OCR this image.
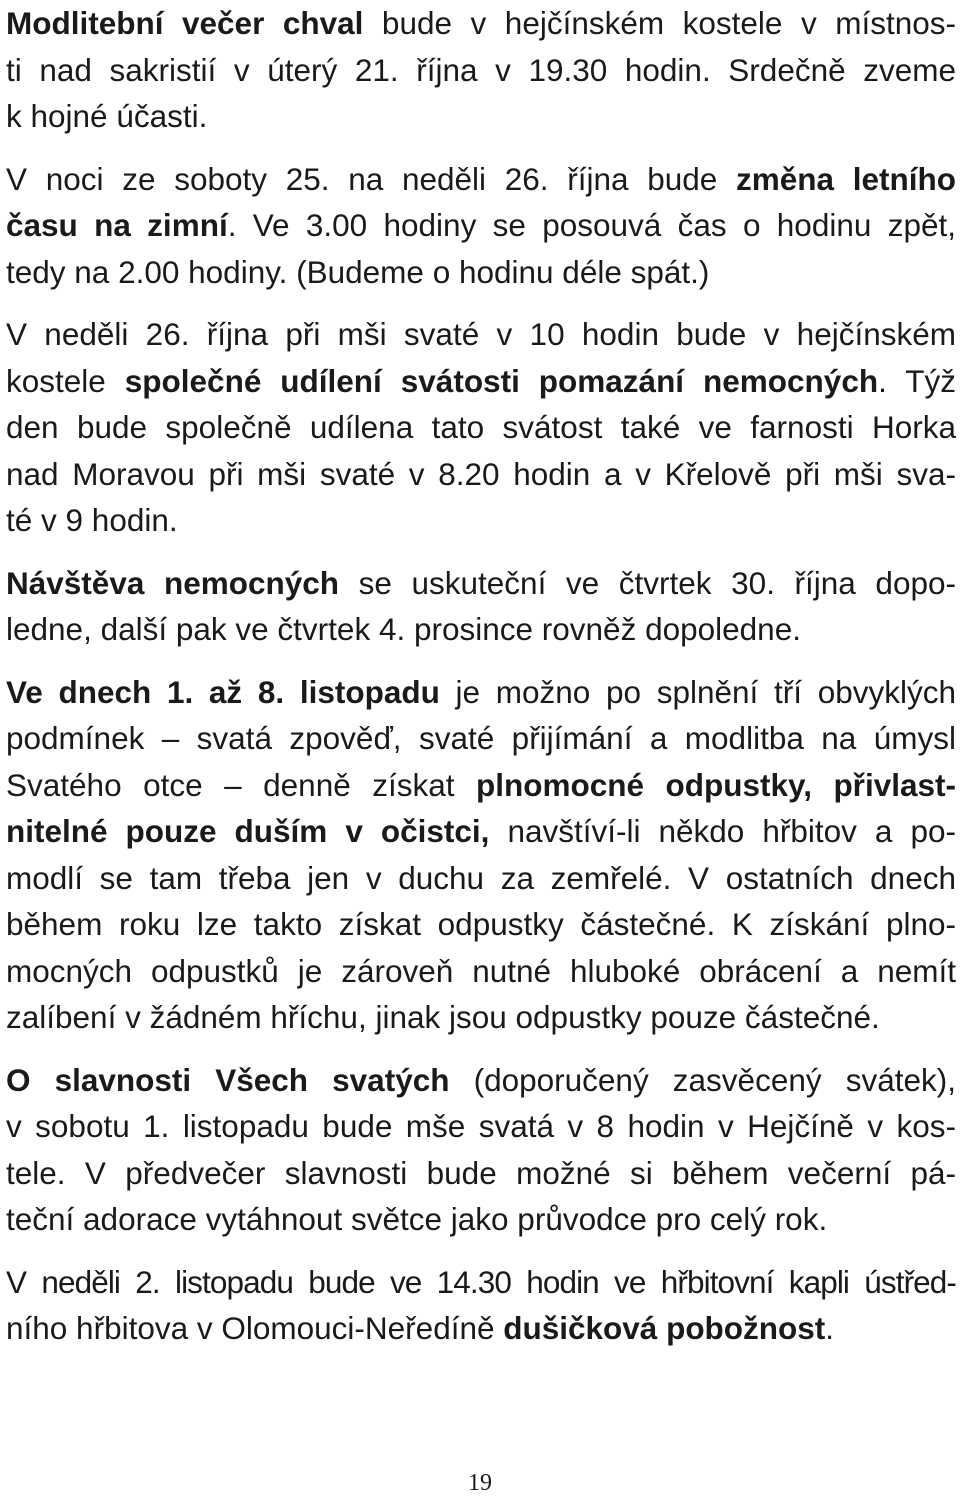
Modlitební večer chval bude v hejčínském kostele v místnos-
ti nad sakristií v úterý 21. října v 19.30 hodin. Srdečně zveme
k hojné účasti.

V noci ze soboty 25. na neděli 26. října bude změna letního
času na zimní. Ve 3.00 hodiny se posouvá čas o hodinu zpět,
tedy na 2.00 hodiny. (Budeme o hodinu déle spát.)

V neděli 26. října při mši svaté v 10 hodin bude v hejčínském
kostele společné udílení svátosti pomazání nemocných. Týž
den bude společně udílena tato svátost také ve farnosti Horka
nad Moravou při mši svaté v 8.20 hodin a v Křelově při mši sva-
té v 9 hodin.

Návštěva nemocných se uskuteční ve čtvrtek 30. října dopo-
ledne, další pak ve čtvrtek 4. prosince rovněž dopoledne.

Ve dnech 1. až 8. listopadu je možno po splnění tří obvyklých
podmínek – svatá zpověď, svaté přijímání a modlitba na úmysl
Svatého otce – denně získat plnomocné odpustky, přivlast-
nitelné pouze duším v očistci, navštíví-li někdo hřbitov a po-
modlí se tam třeba jen v duchu za zemřelé. V ostatních dnech
během roku lze takto získat odpustky částečné. K získání plno-
mocných odpustků je zároveň nutné hluboké obrácení a nemít
zalíbení v žádném hříchu, jinak jsou odpustky pouze částečné.

O slavnosti Všech svatých (doporučený zasvěcený svátek),
v sobotu 1. listopadu bude mše svatá v 8 hodin v Hejčíně v kos-
tele. V předvečer slavnosti bude možné si během večerní pá-
teční adorace vytáhnout světce jako průvodce pro celý rok.

V neděli 2. listopadu bude ve 14.30 hodin ve hřbitovní kapli ústřed-
ního hřbitova v Olomouci-Neředíně dušičková pobožnost.

19
